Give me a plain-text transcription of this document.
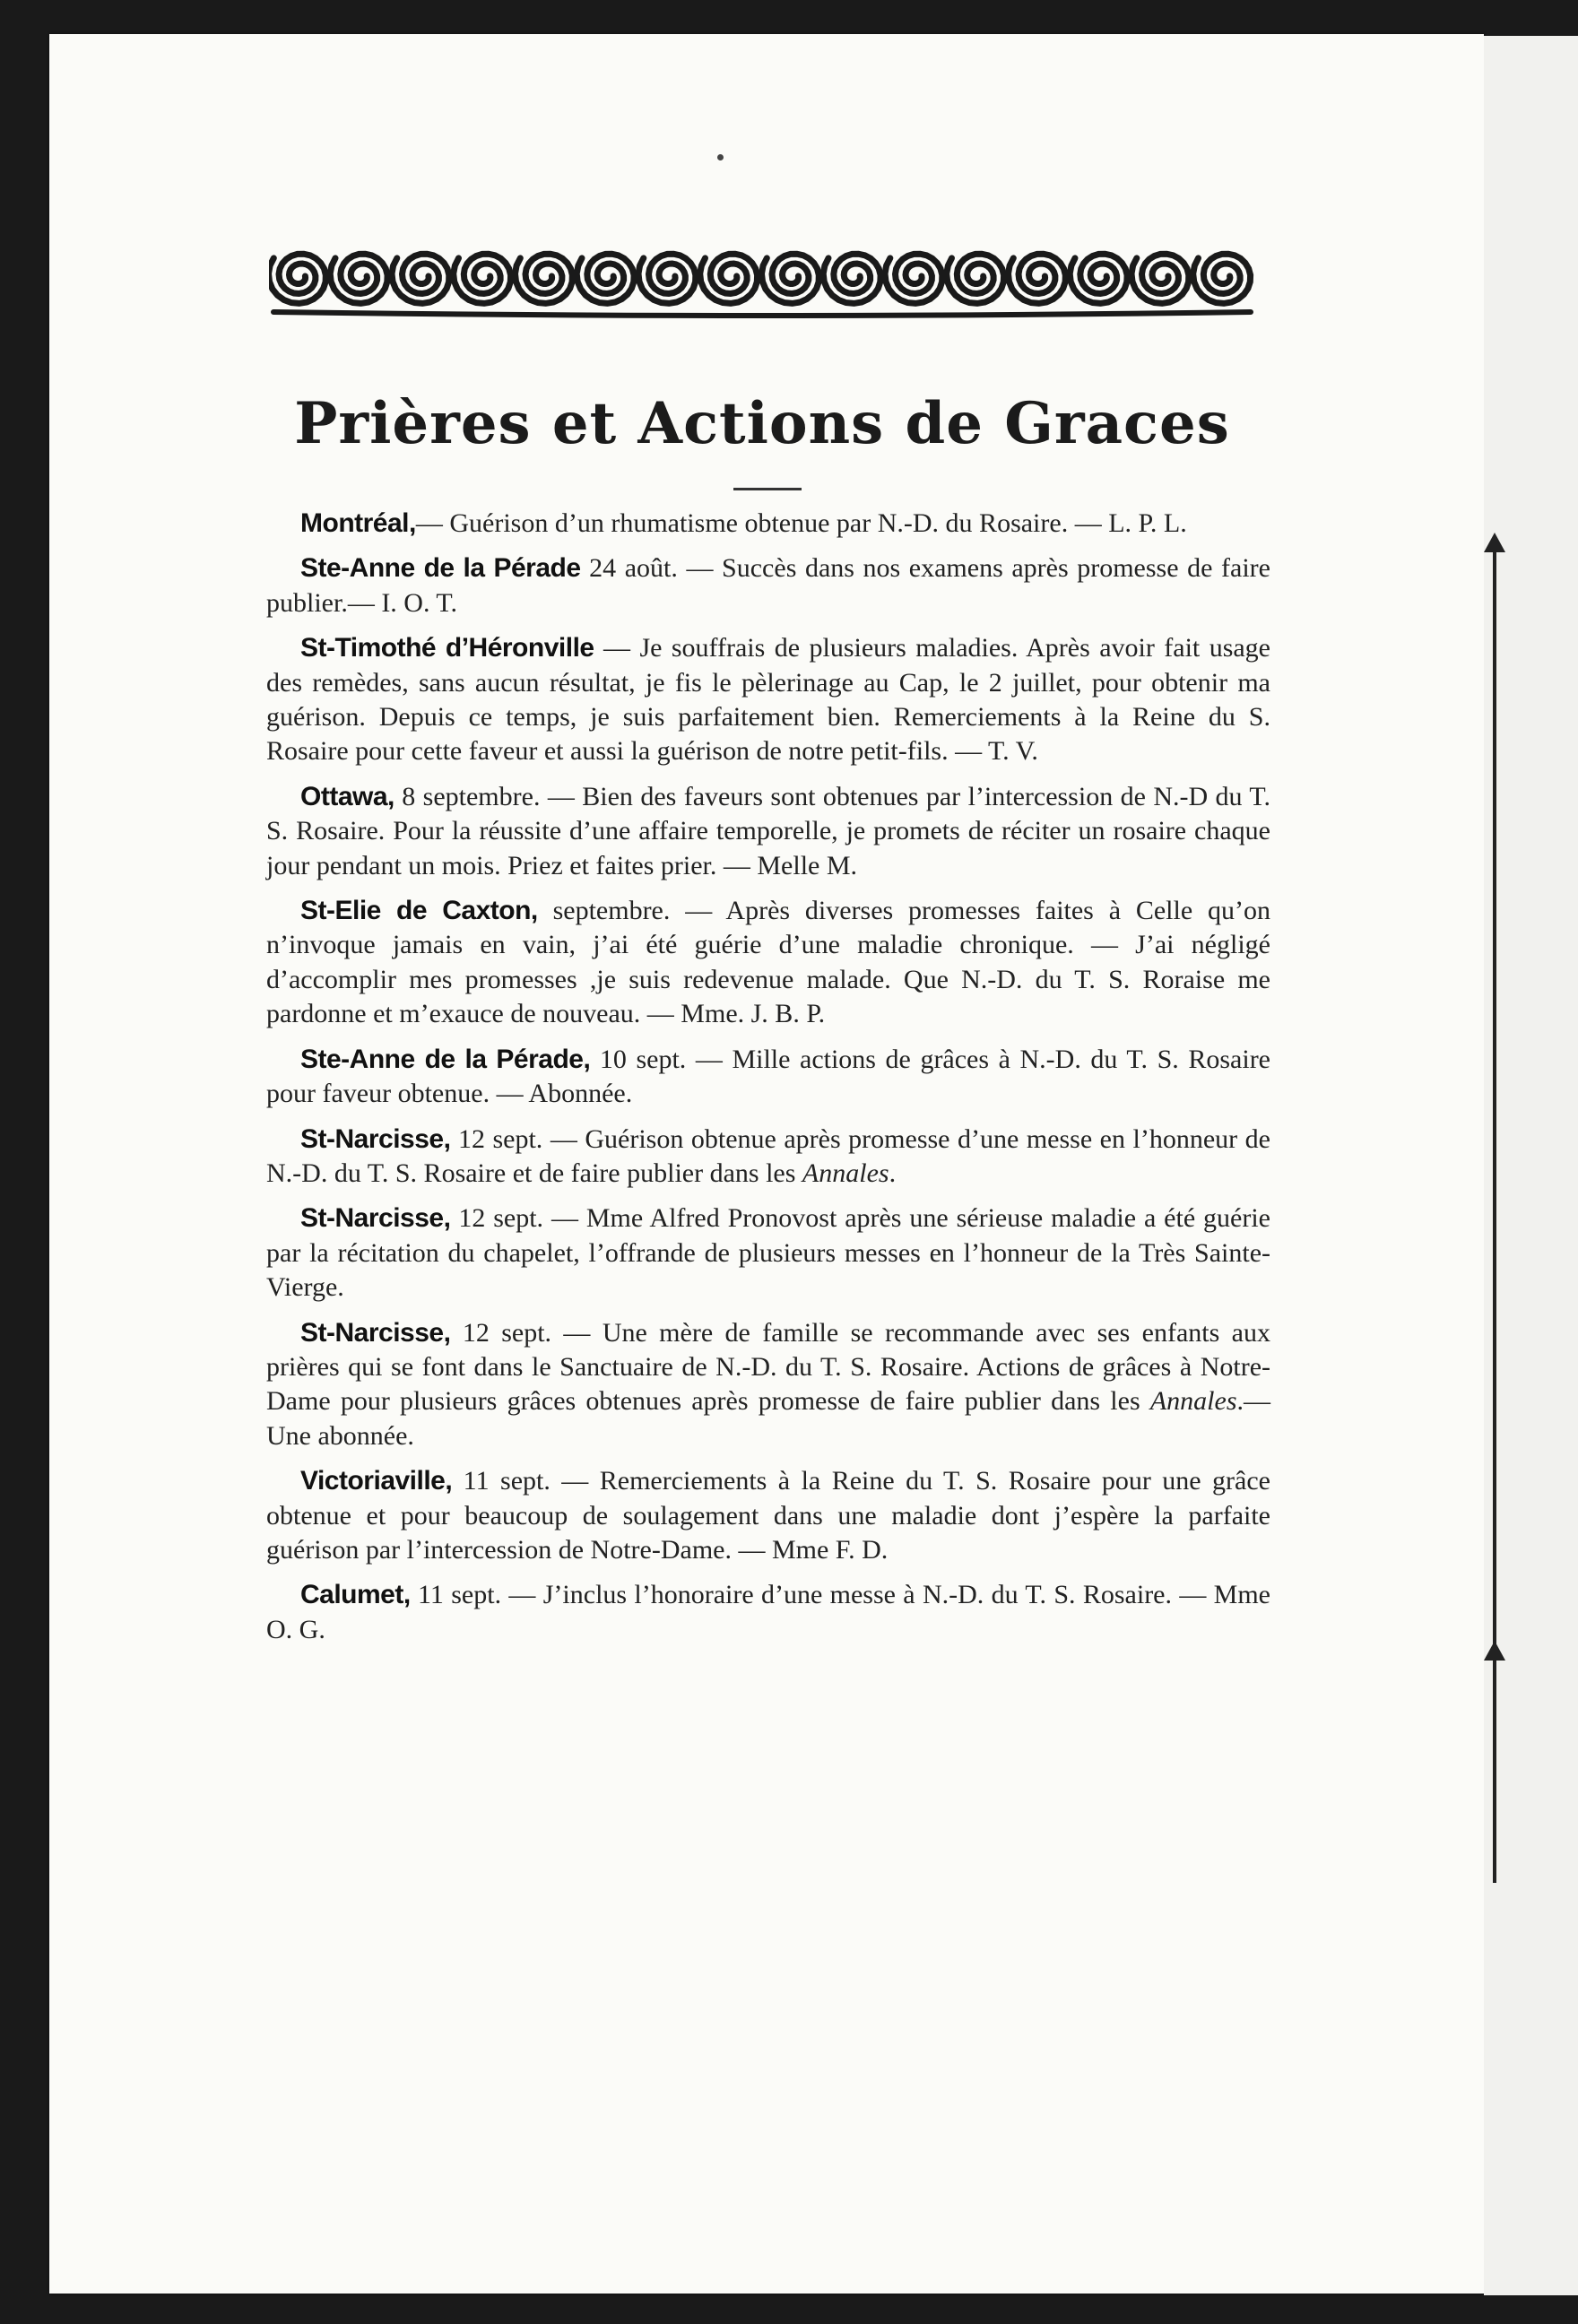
Prières et Actions de Graces

Montréal,— Guérison d’un rhumatisme obtenue par N.-D. du Rosaire. — L. P. L.

Ste-Anne de la Pérade 24 août. — Succès dans nos examens après promesse de faire publier.— I. O. T.

St-Timothé d’Héronville — Je souffrais de plusieurs maladies. Après avoir fait usage des remèdes, sans aucun résultat, je fis le pèlerinage au Cap, le 2 juillet, pour obtenir ma guérison. Depuis ce temps, je suis parfaitement bien. Remerciements à la Reine du S. Rosaire pour cette faveur et aussi la guérison de notre petit-fils. — T. V.

Ottawa, 8 septembre. — Bien des faveurs sont obtenues par l’intercession de N.-D du T. S. Rosaire. Pour la réussite d’une affaire temporelle, je promets de réciter un rosaire chaque jour pendant un mois. Priez et faites prier. — Melle M.

St-Elie de Caxton, septembre. — Après diverses promesses faites à Celle qu’on n’invoque jamais en vain, j’ai été guérie d’une maladie chronique. — J’ai négligé d’accomplir mes promesses ,je suis redevenue malade. Que N.-D. du T. S. Roraise me pardonne et m’exauce de nouveau. — Mme. J. B. P.

Ste-Anne de la Pérade, 10 sept. — Mille actions de grâces à N.-D. du T. S. Rosaire pour faveur obtenue. — Abonnée.

St-Narcisse, 12 sept. — Guérison obtenue après promesse d’une messe en l’honneur de N.-D. du T. S. Rosaire et de faire publier dans les Annales.

St-Narcisse, 12 sept. — Mme Alfred Pronovost après une sérieuse maladie a été guérie par la récitation du chapelet, l’offrande de plusieurs messes en l’honneur de la Très Sainte-Vierge.

St-Narcisse, 12 sept. — Une mère de famille se recommande avec ses enfants aux prières qui se font dans le Sanctuaire de N.-D. du T. S. Rosaire. Actions de grâces à Notre-Dame pour plusieurs grâces obtenues après promesse de faire publier dans les Annales.— Une abonnée.

Victoriaville, 11 sept. — Remerciements à la Reine du T. S. Rosaire pour une grâce obtenue et pour beaucoup de soulagement dans une maladie dont j’espère la parfaite guérison par l’intercession de Notre-Dame. — Mme F. D.

Calumet, 11 sept. — J’inclus l’honoraire d’une messe à N.-D. du T. S. Rosaire. — Mme O. G.
